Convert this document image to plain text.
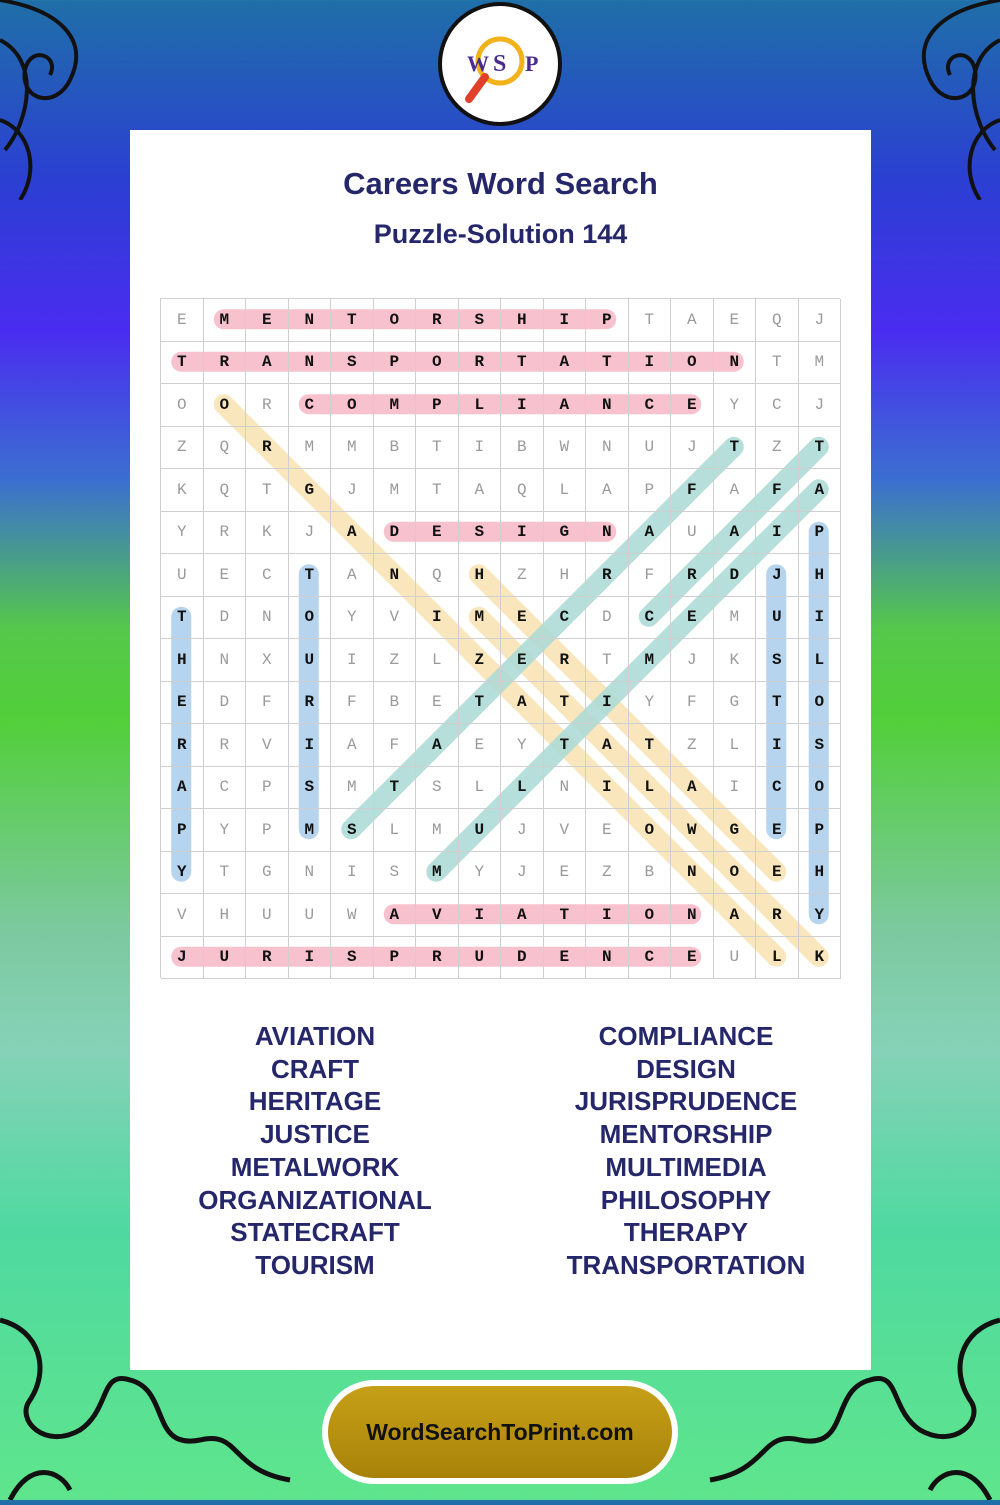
W S P
Careers Word Search
Puzzle-Solution 144
E	M	E	N	T	O	R	S	H	I	P	T	A	E	Q	J
T	R	A	N	S	P	O	R	T	A	T	I	O	N	T	M
O	O	R	C	O	M	P	L	I	A	N	C	E	Y	C	J
Z	Q	R	M	M	B	T	I	B	W	N	U	J	T	Z	T
K	Q	T	G	J	M	T	A	Q	L	A	P	F	A	F	A
Y	R	K	J	A	D	E	S	I	G	N	A	U	A	I	P
U	E	C	T	A	N	Q	H	Z	H	R	F	R	D	J	H
T	D	N	O	Y	V	I	M	E	C	D	C	E	M	U	I
H	N	X	U	I	Z	L	Z	E	R	T	M	J	K	S	L
E	D	F	R	F	B	E	T	A	T	I	Y	F	G	T	O
R	R	V	I	A	F	A	E	Y	T	A	T	Z	L	I	S
A	C	P	S	M	T	S	L	L	N	I	L	A	I	C	O
P	Y	P	M	S	L	M	U	J	V	E	O	W	G	E	P
Y	T	G	N	I	S	M	Y	J	E	Z	B	N	O	E	H
V	H	U	U	W	A	V	I	A	T	I	O	N	A	R	Y
J	U	R	I	S	P	R	U	D	E	N	C	E	U	L	K
AVIATION
CRAFT
HERITAGE
JUSTICE
METALWORK
ORGANIZATIONAL
STATECRAFT
TOURISM
COMPLIANCE
DESIGN
JURISPRUDENCE
MENTORSHIP
MULTIMEDIA
PHILOSOPHY
THERAPY
TRANSPORTATION
WordSearchToPrint.com
